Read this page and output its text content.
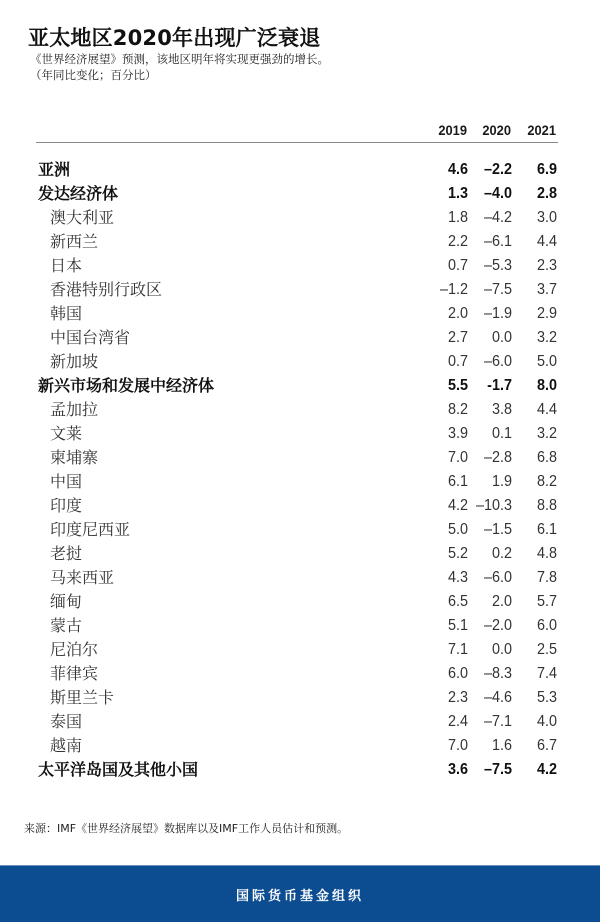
亚太地区2020年出现广泛衰退
《世界经济展望》预测，该地区明年将实现更强劲的增长。
（年同比变化；百分比）
2019	2020	2021
亚洲	4.6 –2.2	6.9
发达经济体	1.3 –4.0	2.8
澳大利亚	1.8 –4.2	3.0
新西兰	2.2 –6.1	4.4
日本	0.7 –5.3	2.3
香港特别行政区	–1.2 –7.5	3.7
韩国	2.0 –1.9	2.9
中国台湾省	2.7	0.0	3.2
新加坡	0.7 –6.0	5.0
新兴市场和发展中经济体	5.5	-1.7	8.0
孟加拉	8.2	3.8	4.4
文莱	3.9	0.1	3.2
柬埔寨	7.0 –2.8	6.8
中国	6.1	1.9	8.2
印度	4.2 –10.3	8.8
印度尼西亚	5.0 –1.5	6.1
老挝	5.2	0.2	4.8
马来西亚	4.3 –6.0	7.8
缅甸	6.5	2.0	5.7
蒙古	5.1 –2.0	6.0
尼泊尔	7.1	0.0	2.5
菲律宾	6.0 –8.3	7.4
斯里兰卡	2.3 –4.6	5.3
泰国	2.4 –7.1	4.0
越南	7.0	1.6	6.7
太平洋岛国及其他小国	3.6 –7.5	4.2
来源：IMF《世界经济展望》数据库以及IMF工作人员估计和预测。
国际货币基金组织
